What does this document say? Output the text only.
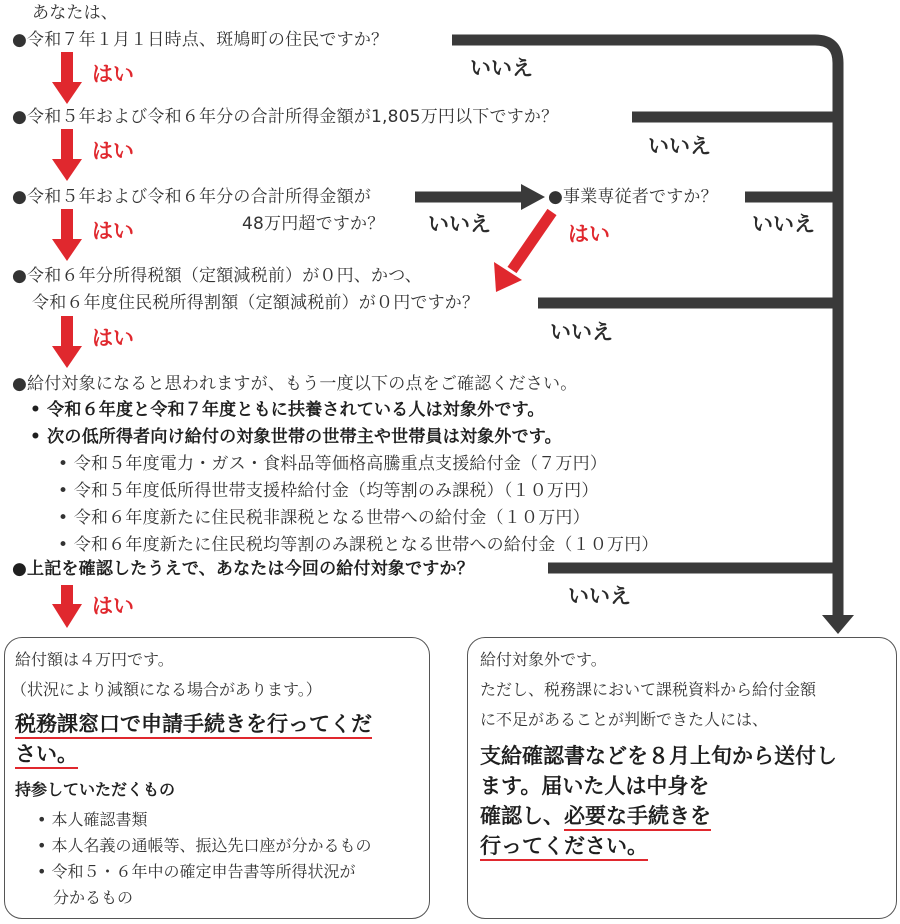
あなたは、
●令和７年１月１日時点、斑鳩町の住民ですか？
いいえ
はい
●令和５年および令和６年分の合計所得金額が1,805万円以下ですか？
いいえ
はい
●令和５年および令和６年分の合計所得金額が
48万円超ですか？
●事業専従者ですか？
いいえ	いいえ
はい	はい
●令和６年分所得税額（定額減税前）が０円、かつ、
令和６年度住民税所得割額（定額減税前）が０円ですか？
いいえ
はい
●給付対象になると思われますが、もう一度以下の点をご確認ください。
• 令和６年度と令和７年度ともに扶養されている人は対象外です。
• 次の低所得者向け給付の対象世帯の世帯主や世帯員は対象外です。
• 令和５年度電力・ガス・食料品等価格高騰重点支援給付金（７万円）
• 令和５年度低所得世帯支援枠給付金（均等割のみ課税）（１０万円）
• 令和６年度新たに住民税非課税となる世帯への給付金（１０万円）
• 令和６年度新たに住民税均等割のみ課税となる世帯への給付金（１０万円）
●上記を確認したうえで、あなたは今回の給付対象ですか？
いいえ
はい
給付額は４万円です。
（状況により減額になる場合があります。）
税務課窓口で申請手続きを行ってくだ
さい。
持参していただくもの
• 本人確認書類
• 本人名義の通帳等、振込先口座が分かるもの
• 令和５・６年中の確定申告書等所得状況が
分かるもの
給付対象外です。
ただし、税務課において課税資料から給付金額
に不足があることが判断できた人には、
支給確認書などを８月上旬から送付し
ます。届いた人は中身を
確認し、必要な手続きを
行ってください。
